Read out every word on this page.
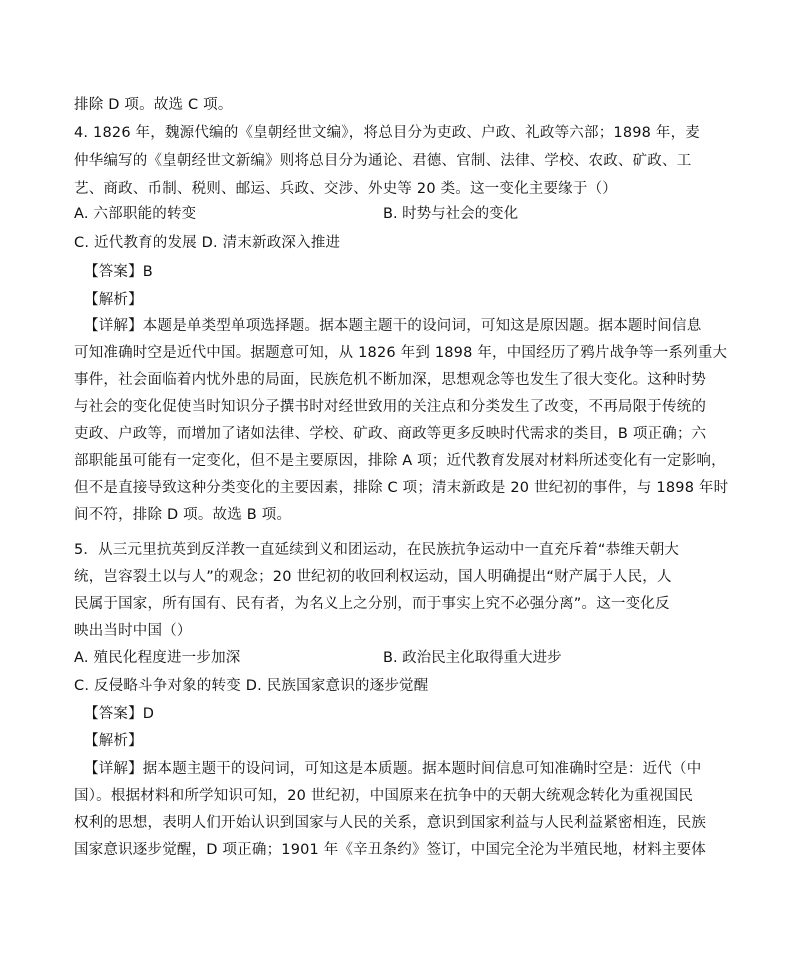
排除 D 项。故选 C 项。
4. 1826 年，魏源代编的《皇朝经世文编》，将总目分为吏政、户政、礼政等六部；1898 年，麦
仲华编写的《皇朝经世文新编》则将总目分为通论、君德、官制、法律、学校、农政、矿政、工
艺、商政、币制、税则、邮运、兵政、交涉、外史等 20 类。这一变化主要缘于（）
A. 六部职能的转变	B. 时势与社会的变化
C. 近代教育的发展 D. 清末新政深入推进
【答案】B
【解析】
【详解】本题是单类型单项选择题。据本题主题干的设问词，可知这是原因题。据本题时间信息
可知准确时空是近代中国。据题意可知，从 1826 年到 1898 年，中国经历了鸦片战争等一系列重大
事件，社会面临着内忧外患的局面，民族危机不断加深，思想观念等也发生了很大变化。这种时势
与社会的变化促使当时知识分子撰书时对经世致用的关注点和分类发生了改变，不再局限于传统的
吏政、户政等，而增加了诸如法律、学校、矿政、商政等更多反映时代需求的类目，B 项正确；六
部职能虽可能有一定变化，但不是主要原因，排除 A 项；近代教育发展对材料所述变化有一定影响，
但不是直接导致这种分类变化的主要因素，排除 C 项；清末新政是 20 世纪初的事件，与 1898 年时
间不符，排除 D 项。故选 B 项。
5．从三元里抗英到反洋教一直延续到义和团运动，在民族抗争运动中一直充斥着“恭维天朝大
统，岂容裂土以与人”的观念；20 世纪初的收回利权运动，国人明确提出“财产属于人民，人
民属于国家，所有国有、民有者，为名义上之分别，而于事实上究不必强分离”。这一变化反
映出当时中国（）
A. 殖民化程度进一步加深	B. 政治民主化取得重大进步
C. 反侵略斗争对象的转变 D. 民族国家意识的逐步觉醒
【答案】D
【解析】
【详解】据本题主题干的设问词，可知这是本质题。据本题时间信息可知准确时空是：近代（中
国）。根据材料和所学知识可知，20 世纪初，中国原来在抗争中的天朝大统观念转化为重视国民
权利的思想，表明人们开始认识到国家与人民的关系，意识到国家利益与人民利益紧密相连，民族
国家意识逐步觉醒，D 项正确；1901 年《辛丑条约》签订，中国完全沦为半殖民地，材料主要体
